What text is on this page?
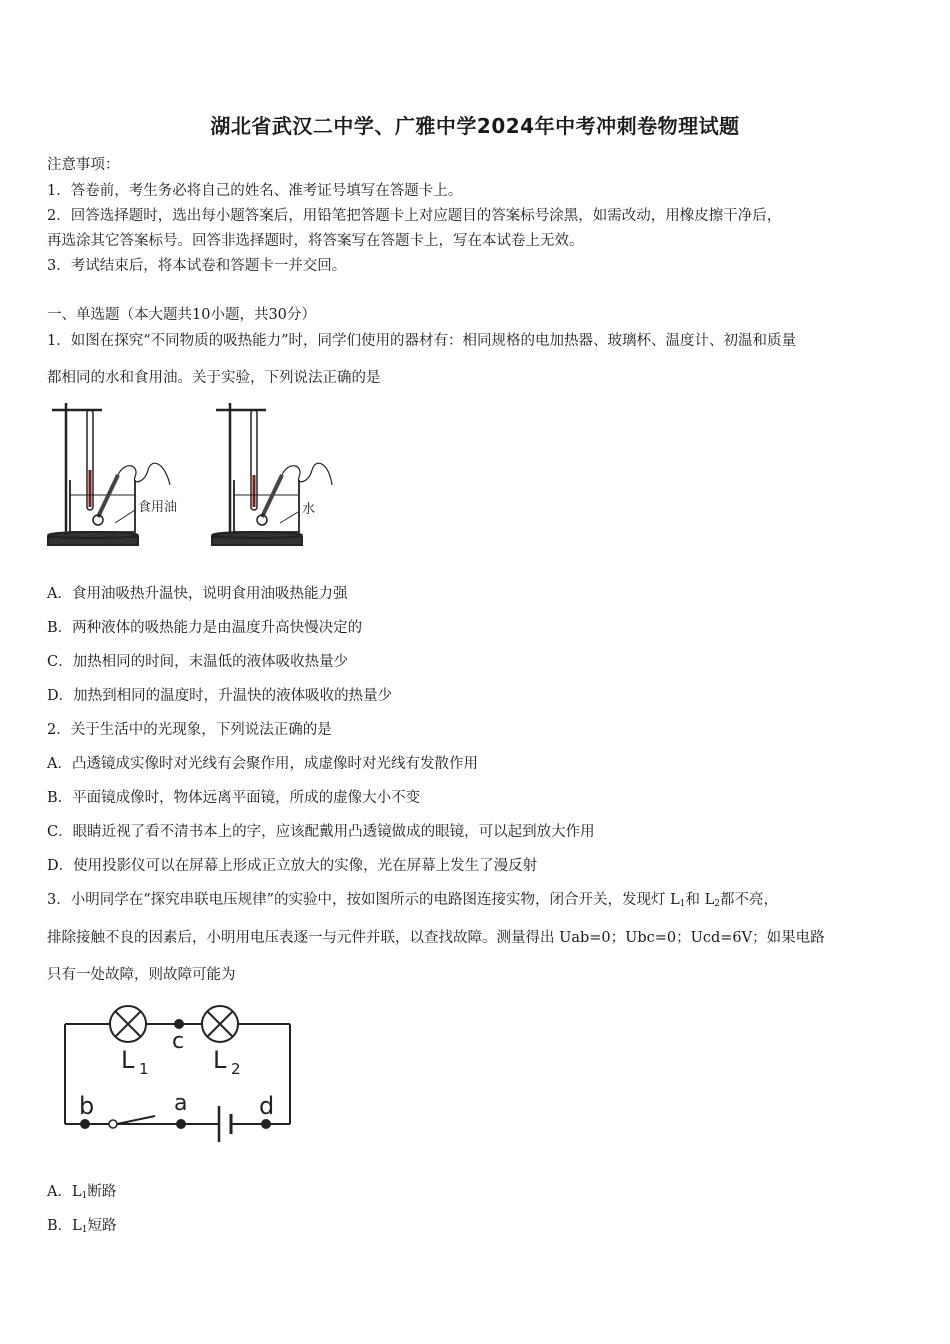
湖北省武汉二中学、广雅中学2024年中考冲刺卷物理试题

注意事项：

1．答卷前，考生务必将自己的姓名、准考证号填写在答题卡上。

2．回答选择题时，选出每小题答案后，用铅笔把答题卡上对应题目的答案标号涂黑，如需改动，用橡皮擦干净后，

再选涂其它答案标号。回答非选择题时，将答案写在答题卡上，写在本试卷上无效。

3．考试结束后，将本试卷和答题卡一并交回。

一、单选题（本大题共10小题，共30分）

1．如图在探究“不同物质的吸热能力”时，同学们使用的器材有：相同规格的电加热器、玻璃杯、温度计、初温和质量

都相同的水和食用油。关于实验，下列说法正确的是

食用油	水

A．食用油吸热升温快，说明食用油吸热能力强

B．两种液体的吸热能力是由温度升高快慢决定的

C．加热相同的时间，末温低的液体吸收热量少

D．加热到相同的温度时，升温快的液体吸收的热量少

2．关于生活中的光现象，下列说法正确的是

A．凸透镜成实像时对光线有会聚作用，成虚像时对光线有发散作用

B．平面镜成像时，物体远离平面镜，所成的虚像大小不变

C．眼睛近视了看不清书本上的字，应该配戴用凸透镜做成的眼镜，可以起到放大作用

D．使用投影仪可以在屏幕上形成正立放大的实像，光在屏幕上发生了漫反射

3．小明同学在“探究串联电压规律”的实验中，按如图所示的电路图连接实物，闭合开关，发现灯 $L_1$和 $L_2$都不亮，

排除接触不良的因素后，小明用电压表逐一与元件并联，以查找故障。测量得出 Uab=0；Ubc=0；Ucd=6V；如果电路

只有一处故障，则故障可能为

L 1	L 2
c
b	a	d

A．$L_1$断路

B．$L_1$短路
